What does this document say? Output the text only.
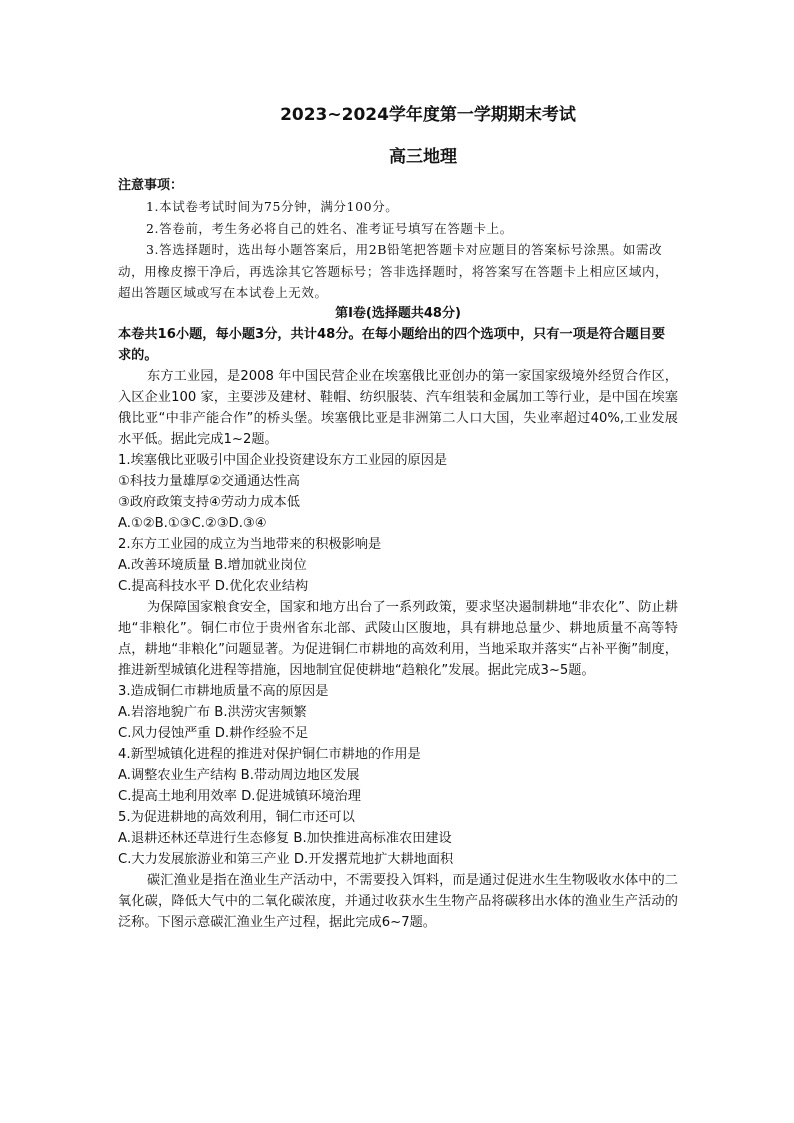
2023~2024学年度第一学期期末考试
高三地理
注意事项：
1.本试卷考试时间为75分钟，满分100分。
2.答卷前，考生务必将自己的姓名、准考证号填写在答题卡上。
3.答选择题时，选出每小题答案后，用2B铅笔把答题卡对应题目的答案标号涂黑。如需改动，用橡皮擦干净后，再选涂其它答题标号；答非选择题时，将答案写在答题卡上相应区域内，超出答题区域或写在本试卷上无效。
第Ⅰ卷(选择题共48分)
本卷共16小题，每小题3分，共计48分。在每小题给出的四个选项中，只有一项是符合题目要求的。
东方工业园，是2008 年中国民营企业在埃塞俄比亚创办的第一家国家级境外经贸合作区，入区企业100 家，主要涉及建材、鞋帽、纺织服装、汽车组装和金属加工等行业，是中国在埃塞俄比亚“中非产能合作”的桥头堡。埃塞俄比亚是非洲第二人口大国，失业率超过40%,工业发展水平低。据此完成1~2题。
1.埃塞俄比亚吸引中国企业投资建设东方工业园的原因是
①科技力量雄厚②交通通达性高
③政府政策支持④劳动力成本低
A.①②B.①③C.②③D.③④
2.东方工业园的成立为当地带来的积极影响是
A.改善环境质量 B.增加就业岗位
C.提高科技水平 D.优化农业结构
为保障国家粮食安全，国家和地方出台了一系列政策，要求坚决遏制耕地“非农化”、防止耕地“非粮化”。铜仁市位于贵州省东北部、武陵山区腹地，具有耕地总量少、耕地质量不高等特点，耕地“非粮化”问题显著。为促进铜仁市耕地的高效利用，当地采取并落实“占补平衡”制度，推进新型城镇化进程等措施，因地制宜促使耕地“趋粮化”发展。据此完成3~5题。
3.造成铜仁市耕地质量不高的原因是
A.岩溶地貌广布 B.洪涝灾害频繁
C.风力侵蚀严重 D.耕作经验不足
4.新型城镇化进程的推进对保护铜仁市耕地的作用是
A.调整农业生产结构 B.带动周边地区发展
C.提高土地利用效率 D.促进城镇环境治理
5.为促进耕地的高效利用，铜仁市还可以
A.退耕还林还草进行生态修复 B.加快推进高标准农田建设
C.大力发展旅游业和第三产业 D.开发撂荒地扩大耕地面积
碳汇渔业是指在渔业生产活动中，不需要投入饵料，而是通过促进水生生物吸收水体中的二氧化碳，降低大气中的二氧化碳浓度，并通过收获水生生物产品将碳移出水体的渔业生产活动的泛称。下图示意碳汇渔业生产过程，据此完成6~7题。
